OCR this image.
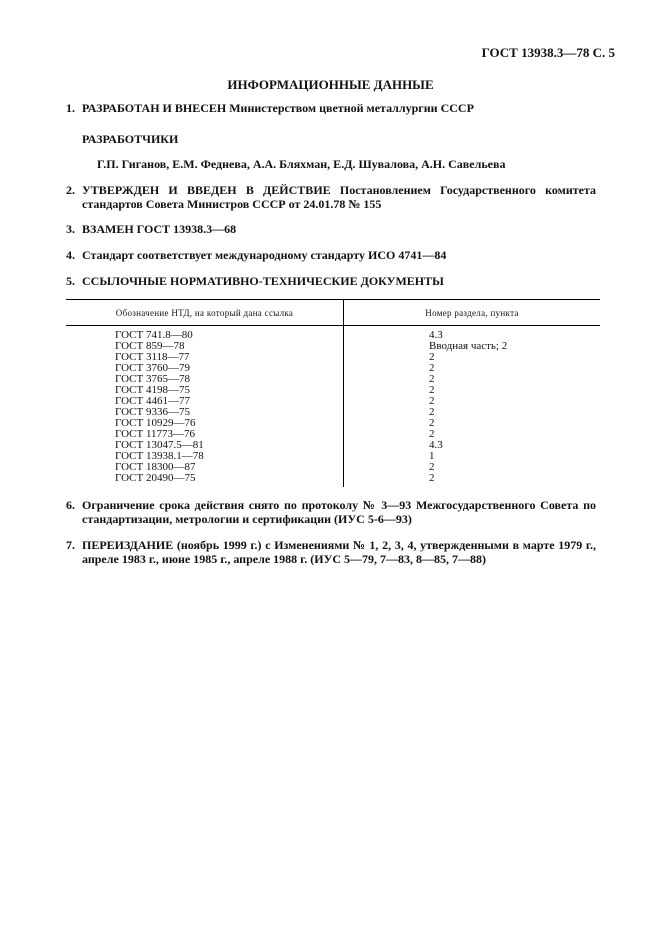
ГОСТ 13938.3—78 С. 5
ИНФОРМАЦИОННЫЕ ДАННЫЕ
1. РАЗРАБОТАН И ВНЕСЕН Министерством цветной металлургии СССР
РАЗРАБОТЧИКИ
Г.П. Гиганов, Е.М. Феднева, А.А. Бляхман, Е.Д. Шувалова, А.Н. Савельева
2. УТВЕРЖДЕН И ВВЕДЕН В ДЕЙСТВИЕ Постановлением Государственного комитета стандартов Совета Министров СССР от 24.01.78 № 155
3. ВЗАМЕН ГОСТ 13938.3—68
4. Стандарт соответствует международному стандарту ИСО 4741—84
5. ССЫЛОЧНЫЕ НОРМАТИВНО-ТЕХНИЧЕСКИЕ ДОКУМЕНТЫ
Обозначение НТД, на который дана ссылка	Номер раздела, пункта
ГОСТ 741.8—80	4.3
ГОСТ 859—78	Вводная часть; 2
ГОСТ 3118—77	2
ГОСТ 3760—79	2
ГОСТ 3765—78	2
ГОСТ 4198—75	2
ГОСТ 4461—77	2
ГОСТ 9336—75	2
ГОСТ 10929—76	2
ГОСТ 11773—76	2
ГОСТ 13047.5—81	4.3
ГОСТ 13938.1—78	1
ГОСТ 18300—87	2
ГОСТ 20490—75	2
6. Ограничение срока действия снято по протоколу № 3—93 Межгосударственного Совета по стандартизации, метрологии и сертификации (ИУС 5-6—93)
7. ПЕРЕИЗДАНИЕ (ноябрь 1999 г.) с Изменениями № 1, 2, 3, 4, утвержденными в марте 1979 г., апреле 1983 г., июне 1985 г., апреле 1988 г. (ИУС 5—79, 7—83, 8—85, 7—88)
